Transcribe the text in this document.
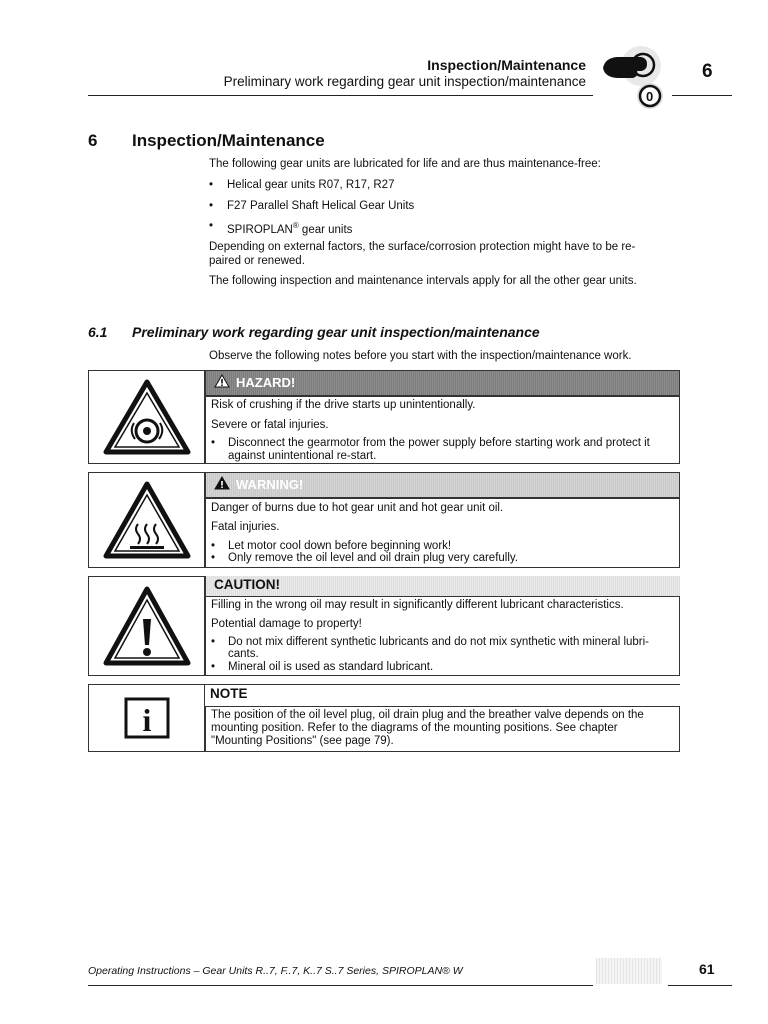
Inspection/Maintenance
Preliminary work regarding gear unit inspection/maintenance
I
0
6
6 Inspection/Maintenance
The following gear units are lubricated for life and are thus maintenance-free:
• Helical gear units R07, R17, R27
• F27 Parallel Shaft Helical Gear Units
• SPIROPLAN® gear units
Depending on external factors, the surface/corrosion protection might have to be re-
paired or renewed.
The following inspection and maintenance intervals apply for all the other gear units.
6.1 Preliminary work regarding gear unit inspection/maintenance
Observe the following notes before you start with the inspection/maintenance work.
HAZARD!
Risk of crushing if the drive starts up unintentionally.
Severe or fatal injuries.
• Disconnect the gearmotor from the power supply before starting work and protect it
against unintentional re-start.
WARNING!
Danger of burns due to hot gear unit and hot gear unit oil.
Fatal injuries.
• Let motor cool down before beginning work!
• Only remove the oil level and oil drain plug very carefully.
CAUTION!
Filling in the wrong oil may result in significantly different lubricant characteristics.
Potential damage to property!
• Do not mix different synthetic lubricants and do not mix synthetic with mineral lubri-
cants.
• Mineral oil is used as standard lubricant.
i
NOTE
The position of the oil level plug, oil drain plug and the breather valve depends on the
mounting position. Refer to the diagrams of the mounting positions. See chapter
"Mounting Positions" (see page 79).
Operating Instructions – Gear Units R..7, F..7, K..7 S..7 Series, SPIROPLAN® W	61
